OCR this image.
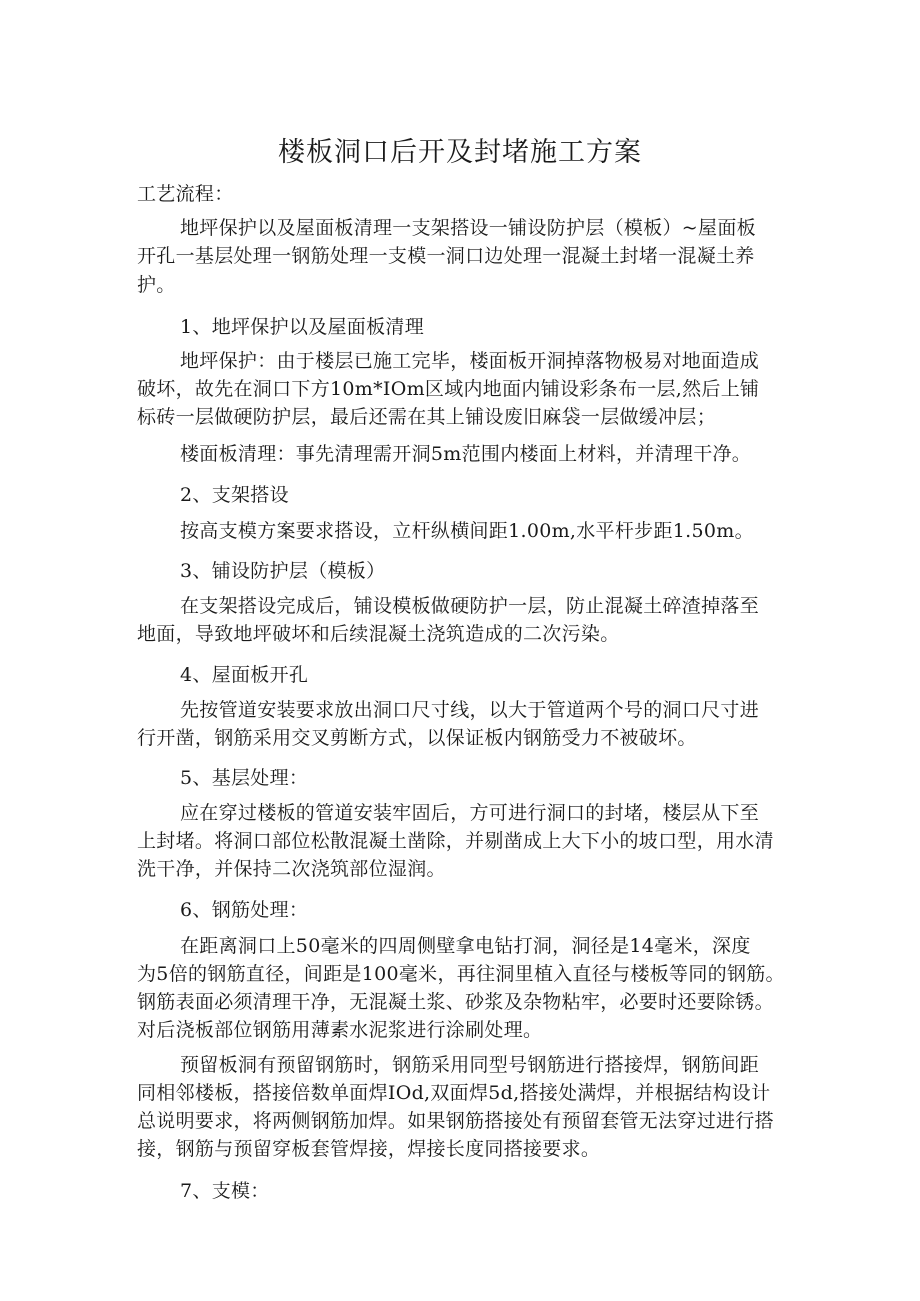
楼板洞口后开及封堵施工方案
工艺流程：
地坪保护以及屋面板清理一支架搭设一铺设防护层（模板）~屋面板
开孔一基层处理一钢筋处理一支模一洞口边处理一混凝土封堵一混凝土养
护。
1、地坪保护以及屋面板清理
地坪保护：由于楼层已施工完毕，楼面板开洞掉落物极易对地面造成
破坏，故先在洞口下方10m*IOm区域内地面内铺设彩条布一层,然后上铺
标砖一层做硬防护层，最后还需在其上铺设废旧麻袋一层做缓冲层；
楼面板清理：事先清理需开洞5m范围内楼面上材料，并清理干净。
2、支架搭设
按高支模方案要求搭设，立杆纵横间距1.00m,水平杆步距1.50m。
3、铺设防护层（模板）
在支架搭设完成后，铺设模板做硬防护一层，防止混凝土碎渣掉落至
地面，导致地坪破坏和后续混凝土浇筑造成的二次污染。
4、屋面板开孔
先按管道安装要求放出洞口尺寸线，以大于管道两个号的洞口尺寸进
行开凿，钢筋采用交叉剪断方式，以保证板内钢筋受力不被破坏。
5、基层处理：
应在穿过楼板的管道安装牢固后，方可进行洞口的封堵，楼层从下至
上封堵。将洞口部位松散混凝土凿除，并剔凿成上大下小的坡口型，用水清
洗干净，并保持二次浇筑部位湿润。
6、钢筋处理：
在距离洞口上50毫米的四周侧壁拿电钻打洞，洞径是14毫米，深度
为5倍的钢筋直径，间距是100毫米，再往洞里植入直径与楼板等同的钢筋。
钢筋表面必须清理干净，无混凝土浆、砂浆及杂物粘牢，必要时还要除锈。
对后浇板部位钢筋用薄素水泥浆进行涂刷处理。
预留板洞有预留钢筋时，钢筋采用同型号钢筋进行搭接焊，钢筋间距
同相邻楼板，搭接倍数单面焊IOd,双面焊5d,搭接处满焊，并根据结构设计
总说明要求，将两侧钢筋加焊。如果钢筋搭接处有预留套管无法穿过进行搭
接，钢筋与预留穿板套管焊接，焊接长度同搭接要求。
7、支模：
